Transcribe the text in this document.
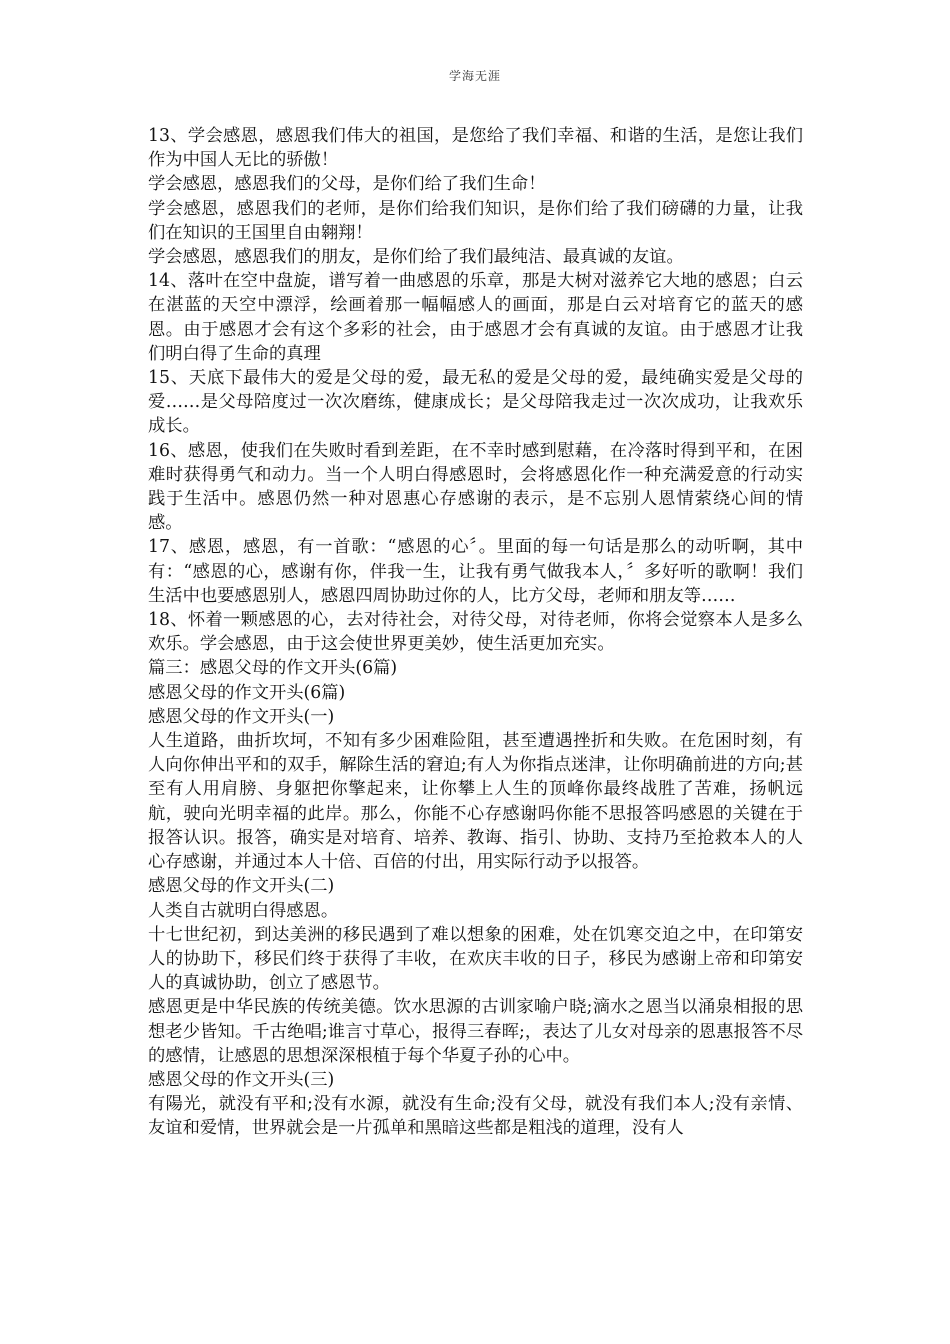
学海无涯

13、学会感恩，感恩我们伟大的祖国，是您给了我们幸福、和谐的生活，是您让我们作为中国人无比的骄傲！

学会感恩，感恩我们的父母，是你们给了我们生命！

学会感恩，感恩我们的老师，是你们给我们知识，是你们给了我们磅礴的力量，让我们在知识的王国里自由翱翔！

学会感恩，感恩我们的朋友，是你们给了我们最纯洁、最真诚的友谊。

14、落叶在空中盘旋，谱写着一曲感恩的乐章，那是大树对滋养它大地的感恩；白云在湛蓝的天空中漂浮，绘画着那一幅幅感人的画面，那是白云对培育它的蓝天的感恩。由于感恩才会有这个多彩的社会，由于感恩才会有真诚的友谊。由于感恩才让我们明白得了生命的真理

15、天底下最伟大的爱是父母的爱，最无私的爱是父母的爱，最纯确实爱是父母的爱……是父母陪度过一次次磨练，健康成长；是父母陪我走过一次次成功，让我欢乐成长。

16、感恩，使我们在失败时看到差距，在不幸时感到慰藉，在冷落时得到平和，在困难时获得勇气和动力。当一个人明白得感恩时，会将感恩化作一种充满爱意的行动实践于生活中。感恩仍然一种对恩惠心存感谢的表示，是不忘别人恩情萦绕心间的情感。

17、感恩，感恩，有一首歌：“感恩的心〞。里面的每一句话是那么的动听啊，其中有：“感恩的心，感谢有你，伴我一生，让我有勇气做我本人，〞多好听的歌啊！我们生活中也要感恩别人，感恩四周协助过你的人，比方父母，老师和朋友等……

18、怀着一颗感恩的心，去对待社会，对待父母，对待老师，你将会觉察本人是多么欢乐。学会感恩，由于这会使世界更美妙，使生活更加充实。

篇三：感恩父母的作文开头(6篇)

感恩父母的作文开头(6篇)

感恩父母的作文开头(一)

人生道路，曲折坎坷，不知有多少困难险阻，甚至遭遇挫折和失败。在危困时刻，有人向你伸出平和的双手，解除生活的窘迫;有人为你指点迷津，让你明确前进的方向;甚至有人用肩膀、身躯把你擎起来，让你攀上人生的顶峰你最终战胜了苦难，扬帆远航，驶向光明幸福的此岸。那么，你能不心存感谢吗你能不思报答吗感恩的关键在于报答认识。报答，确实是对培育、培养、教诲、指引、协助、支持乃至抢救本人的人心存感谢，并通过本人十倍、百倍的付出，用实际行动予以报答。

感恩父母的作文开头(二)

人类自古就明白得感恩。

十七世纪初，到达美洲的移民遇到了难以想象的困难，处在饥寒交迫之中，在印第安人的协助下，移民们终于获得了丰收，在欢庆丰收的日子，移民为感谢上帝和印第安人的真诚协助，创立了感恩节。

感恩更是中华民族的传统美德。饮水思源的古训家喻户晓;滴水之恩当以涌泉相报的思想老少皆知。千古绝唱;谁言寸草心，报得三春晖;，表达了儿女对母亲的恩惠报答不尽的感情，让感恩的思想深深根植于每个华夏子孙的心中。

感恩父母的作文开头(三)

有陽光，就没有平和;没有水源，就没有生命;没有父母，就没有我们本人;没有亲情、友谊和爱情，世界就会是一片孤单和黑暗这些都是粗浅的道理，没有人
